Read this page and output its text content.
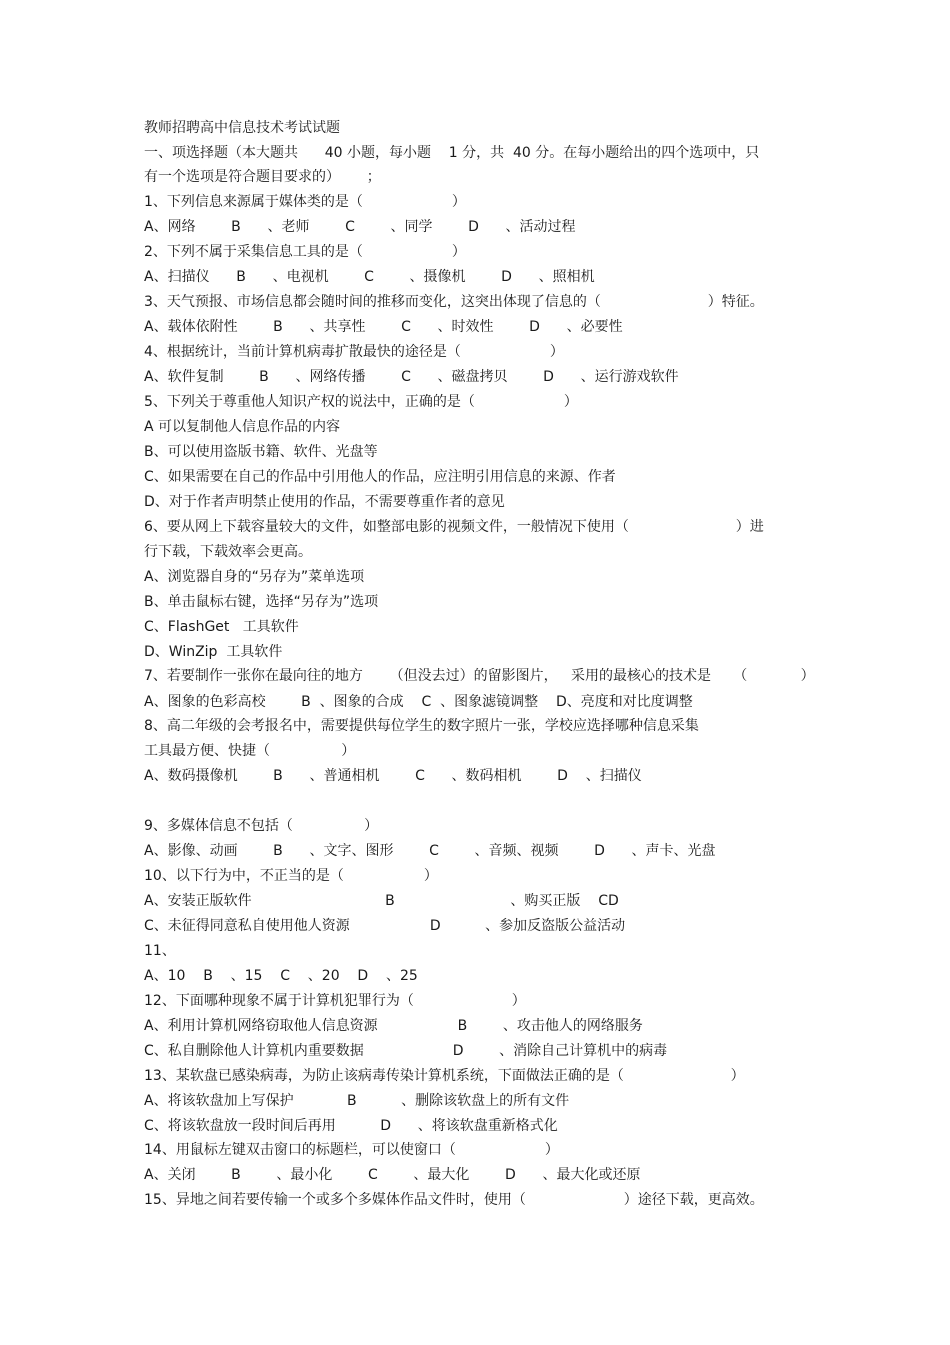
教师招聘高中信息技术考试试题
一、项选择题（本大题共      40 小题，每小题    1 分，共  40 分。在每小题给出的四个选项中，只
有一个选项是符合题目要求的）      ；
1、下列信息来源属于媒体类的是（                    ）
A、网络        B      、老师        C        、同学        D      、活动过程
2、下列不属于采集信息工具的是（                    ）
A、扫描仪      B      、电视机        C        、摄像机        D      、照相机
3、天气预报、市场信息都会随时间的推移而变化，这突出体现了信息的（                        ）特征。
A、载体依附性        B      、共享性        C      、时效性        D      、必要性
4、根据统计，当前计算机病毒扩散最快的途径是（                    ）
A、软件复制        B      、网络传播        C      、磁盘拷贝        D      、运行游戏软件
5、下列关于尊重他人知识产权的说法中，正确的是（                    ）
A 可以复制他人信息作品的内容
B、可以使用盗版书籍、软件、光盘等
C、如果需要在自己的作品中引用他人的作品，应注明引用信息的来源、作者
D、对于作者声明禁止使用的作品，不需要尊重作者的意见
6、要从网上下载容量较大的文件，如整部电影的视频文件，一般情况下使用（                        ）进
行下载，下载效率会更高。
A、浏览器自身的“另存为”菜单选项
B、单击鼠标右键，选择“另存为”选项
C、FlashGet   工具软件
D、WinZip  工具软件
7、若要制作一张你在最向往的地方      （但没去过）的留影图片，   采用的最核心的技术是     （            ）
A、图象的色彩高校        B  、图象的合成    C  、图象滤镜调整    D、亮度和对比度调整
8、高二年级的会考报名中，需要提供每位学生的数字照片一张，学校应选择哪种信息采集
工具最方便、快捷（                ）
A、数码摄像机        B      、普通相机        C      、数码相机        D    、扫描仪
9、多媒体信息不包括（                ）
A、影像、动画        B      、文字、图形        C        、音频、视频        D      、声卡、光盘
10、以下行为中，不正当的是（                  ）
A、安装正版软件                              B                          、购买正版    CD
C、未征得同意私自使用他人资源                  D          、参加反盗版公益活动
11、
A、10    B    、15    C    、20    D    、25
12、下面哪种现象不属于计算机犯罪行为（                      ）
A、利用计算机网络窃取他人信息资源                  B        、攻击他人的网络服务
C、私自删除他人计算机内重要数据                    D        、消除自己计算机中的病毒
13、某软盘已感染病毒，为防止该病毒传染计算机系统，下面做法正确的是（                        ）
A、将该软盘加上写保护            B          、删除该软盘上的所有文件
C、将该软盘放一段时间后再用          D      、将该软盘重新格式化
14、用鼠标左键双击窗口的标题栏，可以使窗口（                    ）
A、关闭        B        、最小化        C        、最大化        D      、最大化或还原
15、异地之间若要传输一个或多个多媒体作品文件时，使用（                      ）途径下载，更高效。
